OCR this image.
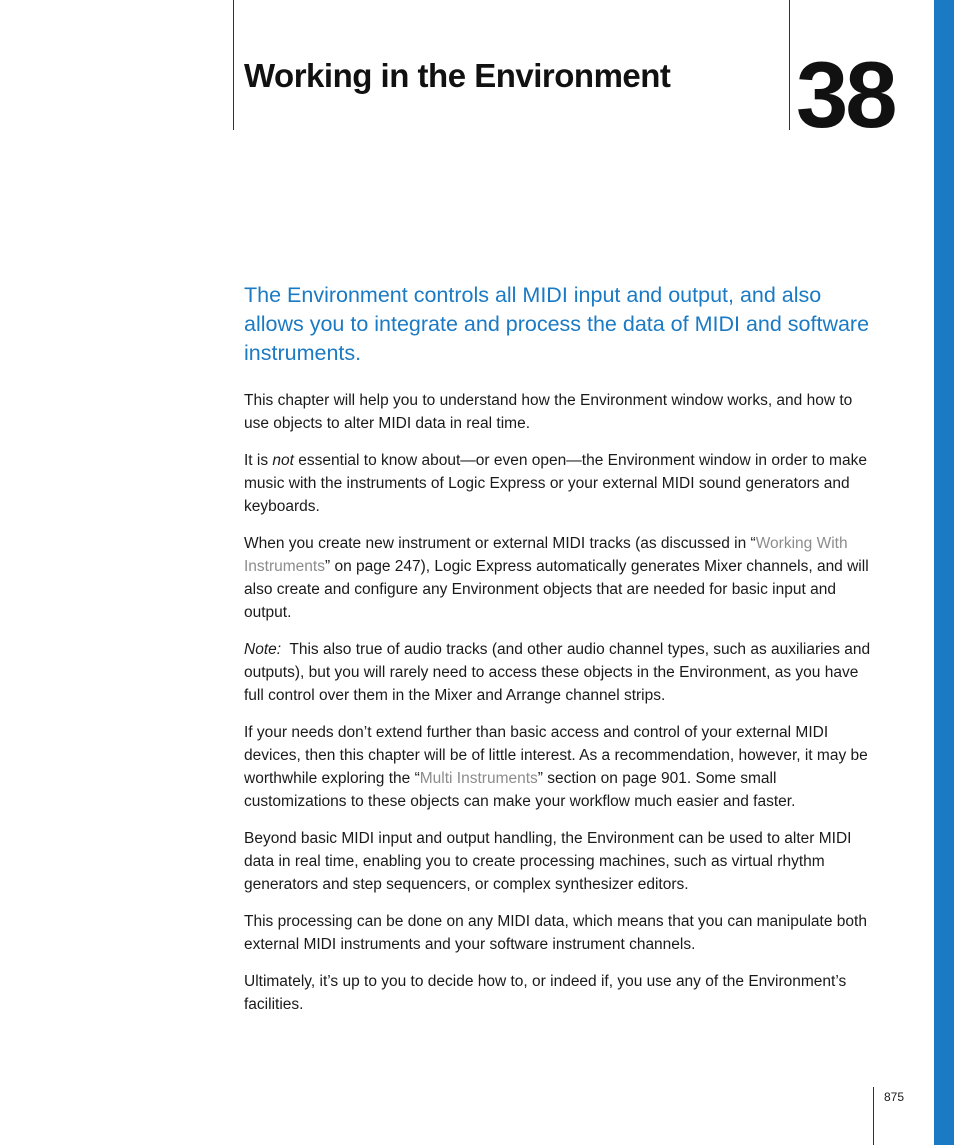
Working in the Environment 38

The Environment controls all MIDI input and output, and also allows you to integrate and process the data of MIDI and software instruments.

This chapter will help you to understand how the Environment window works, and how to use objects to alter MIDI data in real time.

It is not essential to know about—or even open—the Environment window in order to make music with the instruments of Logic Express or your external MIDI sound generators and keyboards.

When you create new instrument or external MIDI tracks (as discussed in “Working With Instruments” on page 247), Logic Express automatically generates Mixer channels, and will also create and configure any Environment objects that are needed for basic input and output.

Note:  This also true of audio tracks (and other audio channel types, such as auxiliaries and outputs), but you will rarely need to access these objects in the Environment, as you have full control over them in the Mixer and Arrange channel strips.

If your needs don’t extend further than basic access and control of your external MIDI devices, then this chapter will be of little interest. As a recommendation, however, it may be worthwhile exploring the “Multi Instruments” section on page 901. Some small customizations to these objects can make your workflow much easier and faster.

Beyond basic MIDI input and output handling, the Environment can be used to alter MIDI data in real time, enabling you to create processing machines, such as virtual rhythm generators and step sequencers, or complex synthesizer editors.

This processing can be done on any MIDI data, which means that you can manipulate both external MIDI instruments and your software instrument channels.

Ultimately, it’s up to you to decide how to, or indeed if, you use any of the Environment’s facilities.

875
